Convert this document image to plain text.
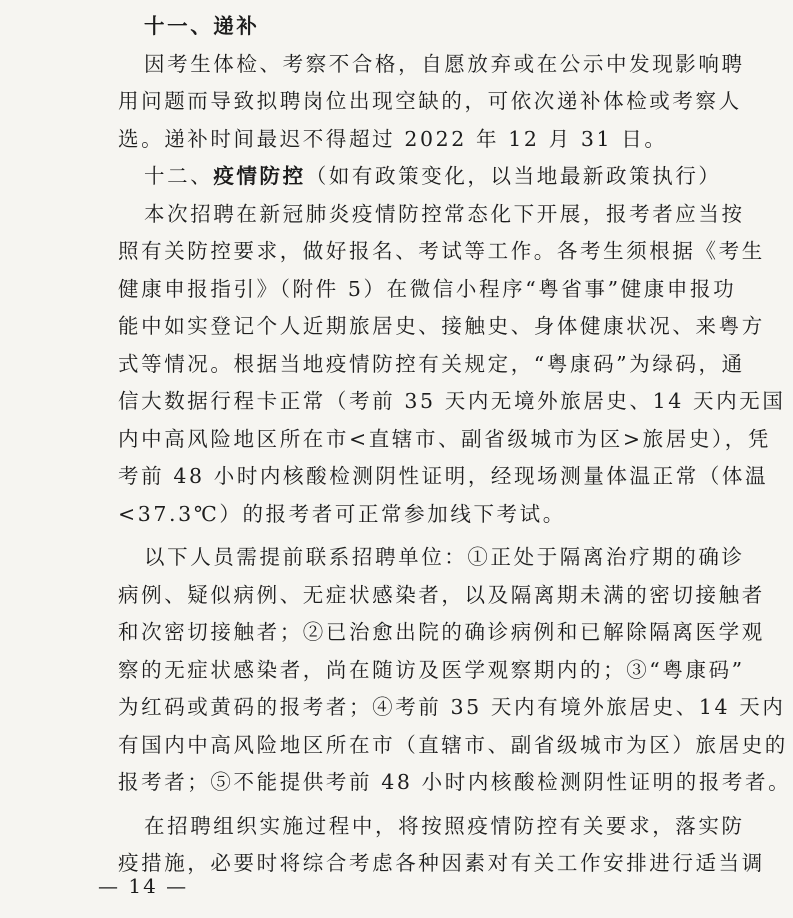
十一、递补
因考生体检、考察不合格，自愿放弃或在公示中发现影响聘
用问题而导致拟聘岗位出现空缺的，可依次递补体检或考察人
选。递补时间最迟不得超过 2022 年 12 月 31 日。
十二、疫情防控（如有政策变化，以当地最新政策执行）
本次招聘在新冠肺炎疫情防控常态化下开展，报考者应当按
照有关防控要求，做好报名、考试等工作。各考生须根据《考生
健康申报指引》（附件 5）在微信小程序“粤省事”健康申报功
能中如实登记个人近期旅居史、接触史、身体健康状况、来粤方
式等情况。根据当地疫情防控有关规定，“粤康码”为绿码，通
信大数据行程卡正常（考前 35 天内无境外旅居史、14 天内无国
内中高风险地区所在市<直辖市、副省级城市为区>旅居史），凭
考前 48 小时内核酸检测阴性证明，经现场测量体温正常（体温
<37.3℃）的报考者可正常参加线下考试。
以下人员需提前联系招聘单位：①正处于隔离治疗期的确诊
病例、疑似病例、无症状感染者，以及隔离期未满的密切接触者
和次密切接触者；②已治愈出院的确诊病例和已解除隔离医学观
察的无症状感染者，尚在随访及医学观察期内的；③“粤康码”
为红码或黄码的报考者；④考前 35 天内有境外旅居史、14 天内
有国内中高风险地区所在市（直辖市、副省级城市为区）旅居史的
报考者；⑤不能提供考前 48 小时内核酸检测阴性证明的报考者。
在招聘组织实施过程中，将按照疫情防控有关要求，落实防
疫措施，必要时将综合考虑各种因素对有关工作安排进行适当调
— 14 —
